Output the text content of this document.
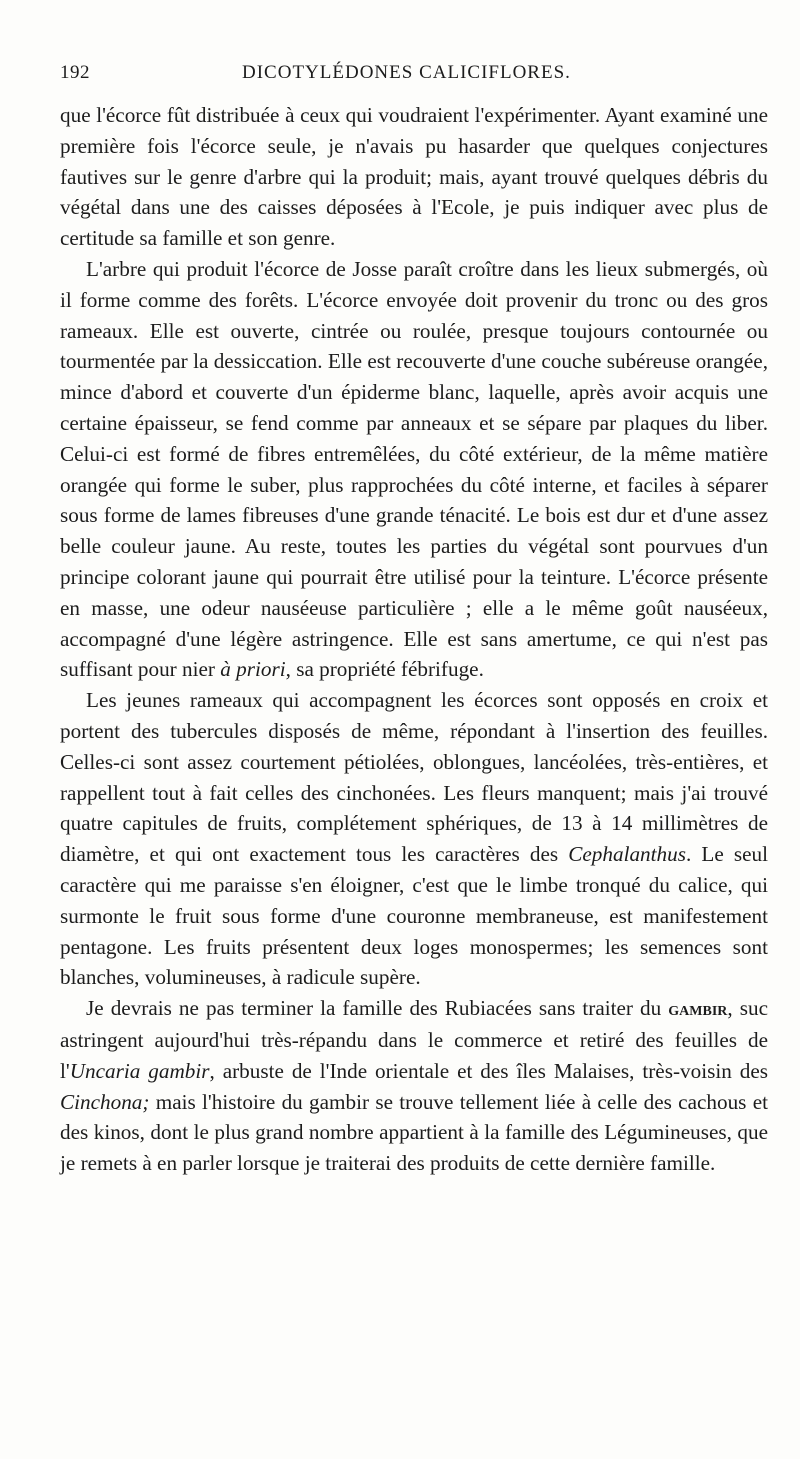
192	DICOTYLÉDONES CALICIFLORES.

que l'écorce fût distribuée à ceux qui voudraient l'expérimenter. Ayant examiné une première fois l'écorce seule, je n'avais pu hasarder que quelques conjectures fautives sur le genre d'arbre qui la produit; mais, ayant trouvé quelques débris du végétal dans une des caisses déposées à l'Ecole, je puis indiquer avec plus de certitude sa famille et son genre.

L'arbre qui produit l'écorce de Josse paraît croître dans les lieux submergés, où il forme comme des forêts. L'écorce envoyée doit provenir du tronc ou des gros rameaux. Elle est ouverte, cintrée ou roulée, presque toujours contournée ou tourmentée par la dessiccation. Elle est recouverte d'une couche subéreuse orangée, mince d'abord et couverte d'un épiderme blanc, laquelle, après avoir acquis une certaine épaisseur, se fend comme par anneaux et se sépare par plaques du liber. Celui-ci est formé de fibres entremêlées, du côté extérieur, de la même matière orangée qui forme le suber, plus rapprochées du côté interne, et faciles à séparer sous forme de lames fibreuses d'une grande ténacité. Le bois est dur et d'une assez belle couleur jaune. Au reste, toutes les parties du végétal sont pourvues d'un principe colorant jaune qui pourrait être utilisé pour la teinture. L'écorce présente en masse, une odeur nauséeuse particulière ; elle a le même goût nauséeux, accompagné d'une légère astringence. Elle est sans amertume, ce qui n'est pas suffisant pour nier à priori, sa propriété fébrifuge.

Les jeunes rameaux qui accompagnent les écorces sont opposés en croix et portent des tubercules disposés de même, répondant à l'insertion des feuilles. Celles-ci sont assez courtement pétiolées, oblongues, lancéolées, très-entières, et rappellent tout à fait celles des cinchonées. Les fleurs manquent; mais j'ai trouvé quatre capitules de fruits, complétement sphériques, de 13 à 14 millimètres de diamètre, et qui ont exactement tous les caractères des Cephalanthus. Le seul caractère qui me paraisse s'en éloigner, c'est que le limbe tronqué du calice, qui surmonte le fruit sous forme d'une couronne membraneuse, est manifestement pentagone. Les fruits présentent deux loges monospermes; les semences sont blanches, volumineuses, à radicule supère.

Je devrais ne pas terminer la famille des Rubiacées sans traiter du gambir, suc astringent aujourd'hui très-répandu dans le commerce et retiré des feuilles de l'Uncaria gambir, arbuste de l'Inde orientale et des îles Malaises, très-voisin des Cinchona; mais l'histoire du gambir se trouve tellement liée à celle des cachous et des kinos, dont le plus grand nombre appartient à la famille des Légumineuses, que je remets à en parler lorsque je traiterai des produits de cette dernière famille.
